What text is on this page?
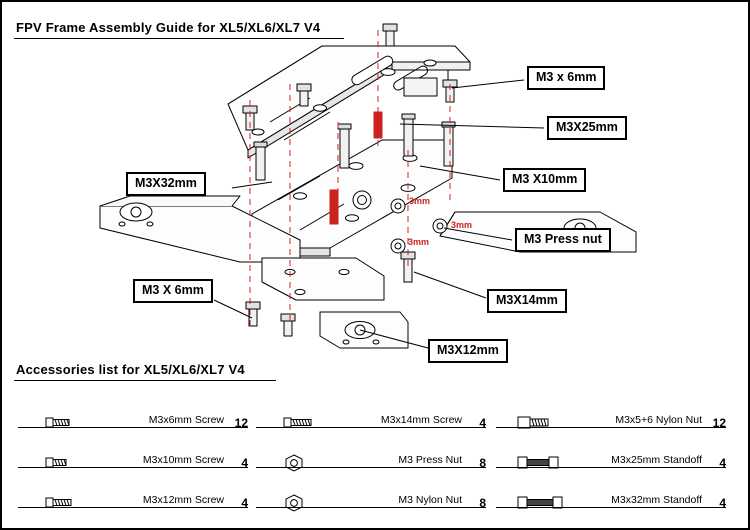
FPV Frame Assembly Guide for XL5/XL6/XL7 V4
Accessories list for XL5/XL6/XL7 V4
3mm
3mm
3mm
M3 x 6mm
M3X25mm
M3 X10mm
M3X32mm
M3 Press nut
M3 X 6mm
M3X14mm
M3X12mm
M3x6mm Screw 12
M3x10mm Screw 4
M3x12mm Screw 4
M3x14mm Screw 4
M3 Press Nut 8
M3 Nylon Nut 8
M3x5+6 Nylon Nut 12
M3x25mm Standoff 4
M3x32mm Standoff 4
